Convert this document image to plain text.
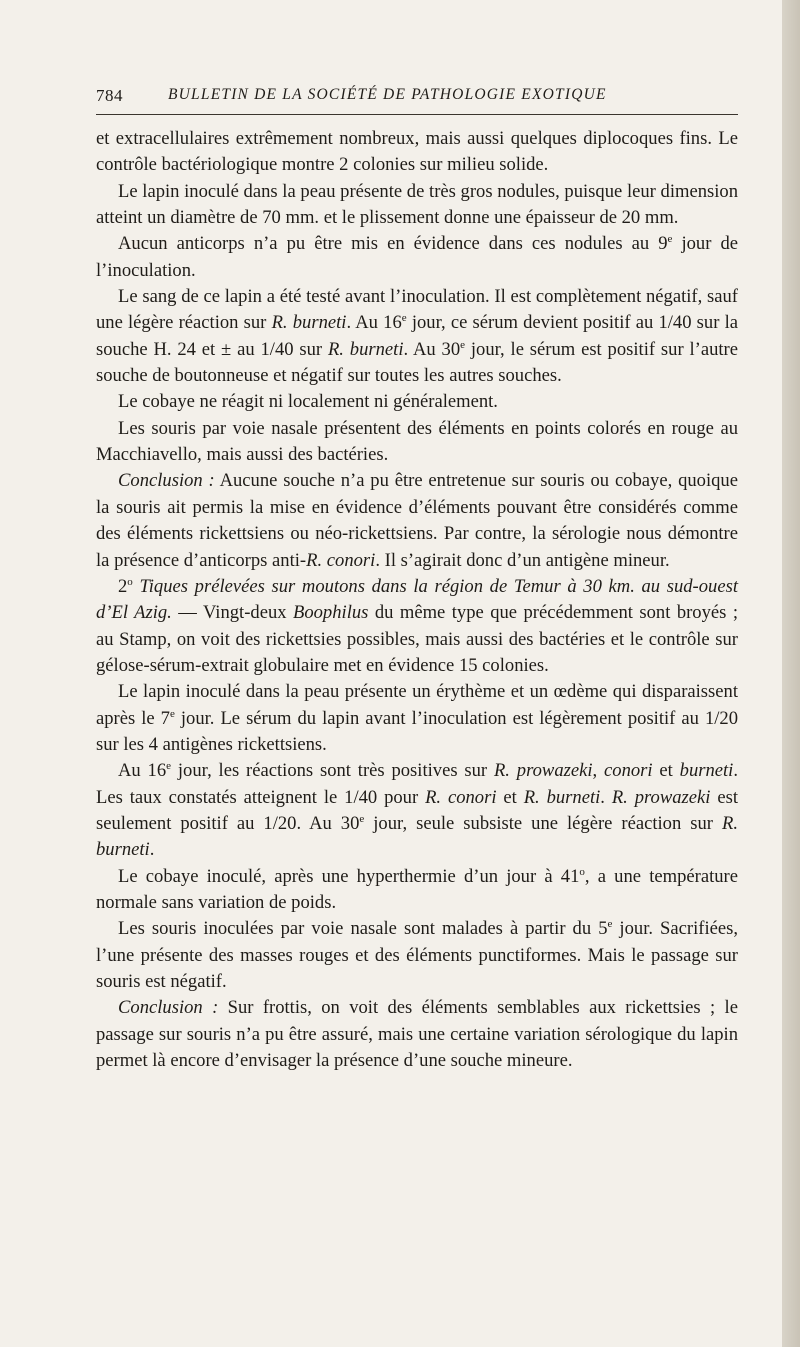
784	BULLETIN DE LA SOCIÉTÉ DE PATHOLOGIE EXOTIQUE

et extracellulaires extrêmement nombreux, mais aussi quelques diplocoques fins. Le contrôle bactériologique montre 2 colonies sur milieu solide.

Le lapin inoculé dans la peau présente de très gros nodules, puisque leur dimension atteint un diamètre de 70 mm. et le plissement donne une épaisseur de 20 mm.

Aucun anticorps n’a pu être mis en évidence dans ces nodules au 9e jour de l’inoculation.

Le sang de ce lapin a été testé avant l’inoculation. Il est complètement négatif, sauf une légère réaction sur R. burneti. Au 16e jour, ce sérum devient positif au 1/40 sur la souche H. 24 et ± au 1/40 sur R. burneti. Au 30e jour, le sérum est positif sur l’autre souche de boutonneuse et négatif sur toutes les autres souches.

Le cobaye ne réagit ni localement ni généralement.

Les souris par voie nasale présentent des éléments en points colorés en rouge au Macchiavello, mais aussi des bactéries.

Conclusion : Aucune souche n’a pu être entretenue sur souris ou cobaye, quoique la souris ait permis la mise en évidence d’éléments pouvant être considérés comme des éléments rickettsiens ou néo-rickettsiens. Par contre, la sérologie nous démontre la présence d’anticorps anti-R. conori. Il s’agirait donc d’un antigène mineur.

2$^o$ Tiques prélevées sur moutons dans la région de Temur à 30 km. au sud-ouest d’El Azig. — Vingt-deux Boophilus du même type que précédemment sont broyés ; au Stamp, on voit des rickettsies possibles, mais aussi des bactéries et le contrôle sur gélose-sérum-extrait globulaire met en évidence 15 colonies.

Le lapin inoculé dans la peau présente un érythème et un œdème qui disparaissent après le 7e jour. Le sérum du lapin avant l’inoculation est légèrement positif au 1/20 sur les 4 antigènes rickettsiens.

Au 16e jour, les réactions sont très positives sur R. prowazeki, conori et burneti. Les taux constatés atteignent le 1/40 pour R. conori et R. burneti. R. prowazeki est seulement positif au 1/20. Au 30e jour, seule subsiste une légère réaction sur R. burneti.

Le cobaye inoculé, après une hyperthermie d’un jour à 41$^o$, a une température normale sans variation de poids.

Les souris inoculées par voie nasale sont malades à partir du 5e jour. Sacrifiées, l’une présente des masses rouges et des éléments punctiformes. Mais le passage sur souris est négatif.

Conclusion : Sur frottis, on voit des éléments semblables aux rickettsies ; le passage sur souris n’a pu être assuré, mais une certaine variation sérologique du lapin permet là encore d’envisager la présence d’une souche mineure.
